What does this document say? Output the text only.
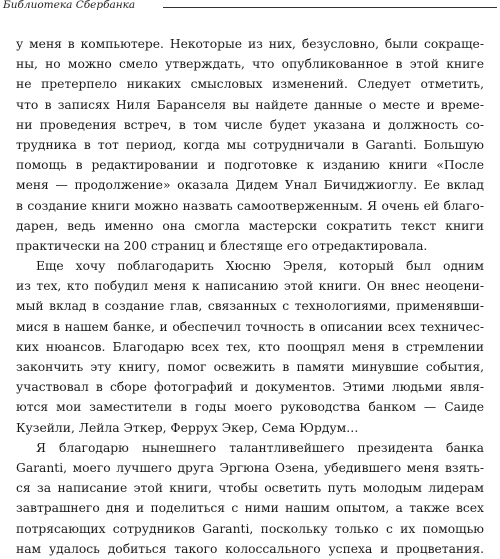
Библиотека Сбербанка
у меня в компьютере. Некоторые из них, безусловно, были сокраще-
ны, но можно смело утверждать, что опубликованное в этой книге
не претерпело никаких смысловых изменений. Следует отметить,
что в записях Ниля Баранселя вы найдете данные о месте и време-
ни проведения встреч, в том числе будет указана и должность со-
трудника в тот период, когда мы сотрудничали в Garanti. Большую
помощь в редактировании и подготовке к изданию книги «После
меня — продолжение» оказала Дидем Унал Бичиджиоглу. Ее вклад
в создание книги можно назвать самоотверженным. Я очень ей благо-
дарен, ведь именно она смогла мастерски сократить текст книги
практически на 200 страниц и блестяще его отредактировала.
Еще хочу поблагодарить Хюсню Эреля, который был одним
из тех, кто побудил меня к написанию этой книги. Он внес неоцени-
мый вклад в создание глав, связанных с технологиями, применявши-
мися в нашем банке, и обеспечил точность в описании всех техничес-
ких нюансов. Благодарю всех тех, кто поощрял меня в стремлении
закончить эту книгу, помог освежить в памяти минувшие события,
участвовал в сборе фотографий и документов. Этими людьми явля-
ются мои заместители в годы моего руководства банком — Саиде
Кузейли, Лейла Эткер, Феррух Экер, Сема Юрдум…
Я благодарю нынешнего талантливейшего президента банка
Garanti, моего лучшего друга Эргюна Озена, убедившего меня взять-
ся за написание этой книги, чтобы осветить путь молодым лидерам
завтрашнего дня и поделиться с ними нашим опытом, а также всех
потрясающих сотрудников Garanti, поскольку только с их помощью
нам удалось добиться такого колоссального успеха и процветания.
